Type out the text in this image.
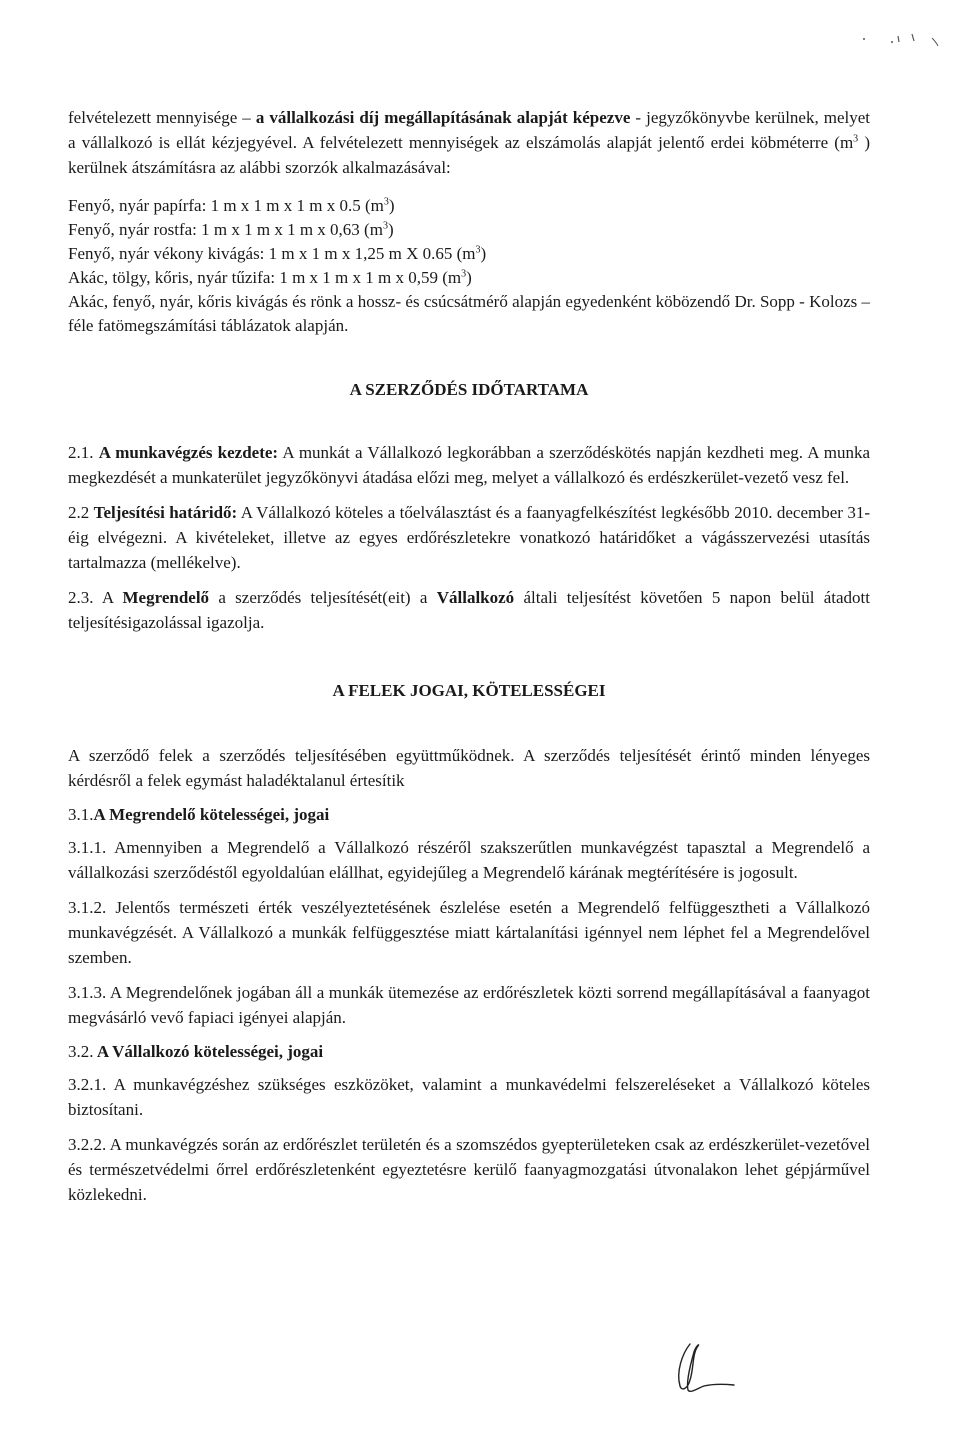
felvételezett mennyisége – a vállalkozási díj megállapításának alapját képezve - jegyzőkönyvbe kerülnek, melyet a vállalkozó is ellát kézjegyével. A felvételezett mennyiségek az elszámolás alapját jelentő erdei köbméterre ($m^3$ ) kerülnek átszámításra az alábbi szorzók alkalmazásával:

Fenyő, nyár papírfa: 1 m x 1 m x 1 m x 0.5 $(m^3)$

Fenyő, nyár rostfa: 1 m x 1 m x 1 m x 0,63 $(m^3)$

Fenyő, nyár vékony kivágás: 1 m x 1 m x 1,25 m X 0.65 $(m^3)$

Akác, tölgy, kőris, nyár tűzifa: 1 m x 1 m x 1 m x 0,59 $(m^3)$

Akác, fenyő, nyár, kőris kivágás és rönk a hossz- és csúcsátmérő alapján egyedenként köbözendő Dr. Sopp - Kolozs – féle fatömegszámítási táblázatok alapján.

A SZERZŐDÉS IDŐTARTAMA

2.1. A munkavégzés kezdete: A munkát a Vállalkozó legkorábban a szerződéskötés napján kezdheti meg. A munka megkezdését a munkaterület jegyzőkönyvi átadása előzi meg, melyet a vállalkozó és erdészkerület-vezető vesz fel.

2.2 Teljesítési határidő: A Vállalkozó köteles a tőelválasztást és a faanyagfelkészítést legkésőbb 2010. december 31-éig elvégezni. A kivételeket, illetve az egyes erdőrészletekre vonatkozó határidőket a vágásszervezési utasítás tartalmazza (mellékelve).

2.3. A Megrendelő a szerződés teljesítését(eit) a Vállalkozó általi teljesítést követően 5 napon belül átadott teljesítésigazolással igazolja.

A FELEK JOGAI, KÖTELESSÉGEI

A szerződő felek a szerződés teljesítésében együttműködnek. A szerződés teljesítését érintő minden lényeges kérdésről a felek egymást haladéktalanul értesítik

3.1.A Megrendelő kötelességei, jogai

3.1.1. Amennyiben a Megrendelő a Vállalkozó részéről szakszerűtlen munkavégzést tapasztal a Megrendelő a vállalkozási szerződéstől egyoldalúan elállhat, egyidejűleg a Megrendelő kárának megtérítésére is jogosult.

3.1.2. Jelentős természeti érték veszélyeztetésének észlelése esetén a Megrendelő felfüggesztheti a Vállalkozó munkavégzését. A Vállalkozó a munkák felfüggesztése miatt kártalanítási igénnyel nem léphet fel a Megrendelővel szemben.

3.1.3. A Megrendelőnek jogában áll a munkák ütemezése az erdőrészletek közti sorrend megállapításával a faanyagot megvásárló vevő fapiaci igényei alapján.

3.2. A Vállalkozó kötelességei, jogai

3.2.1. A munkavégzéshez szükséges eszközöket, valamint a munkavédelmi felszereléseket a Vállalkozó köteles biztosítani.

3.2.2. A munkavégzés során az erdőrészlet területén és a szomszédos gyepterületeken csak az erdészkerület-vezetővel és természetvédelmi őrrel erdőrészletenként egyeztetésre kerülő faanyagmozgatási útvonalakon lehet gépjárművel közlekedni.
